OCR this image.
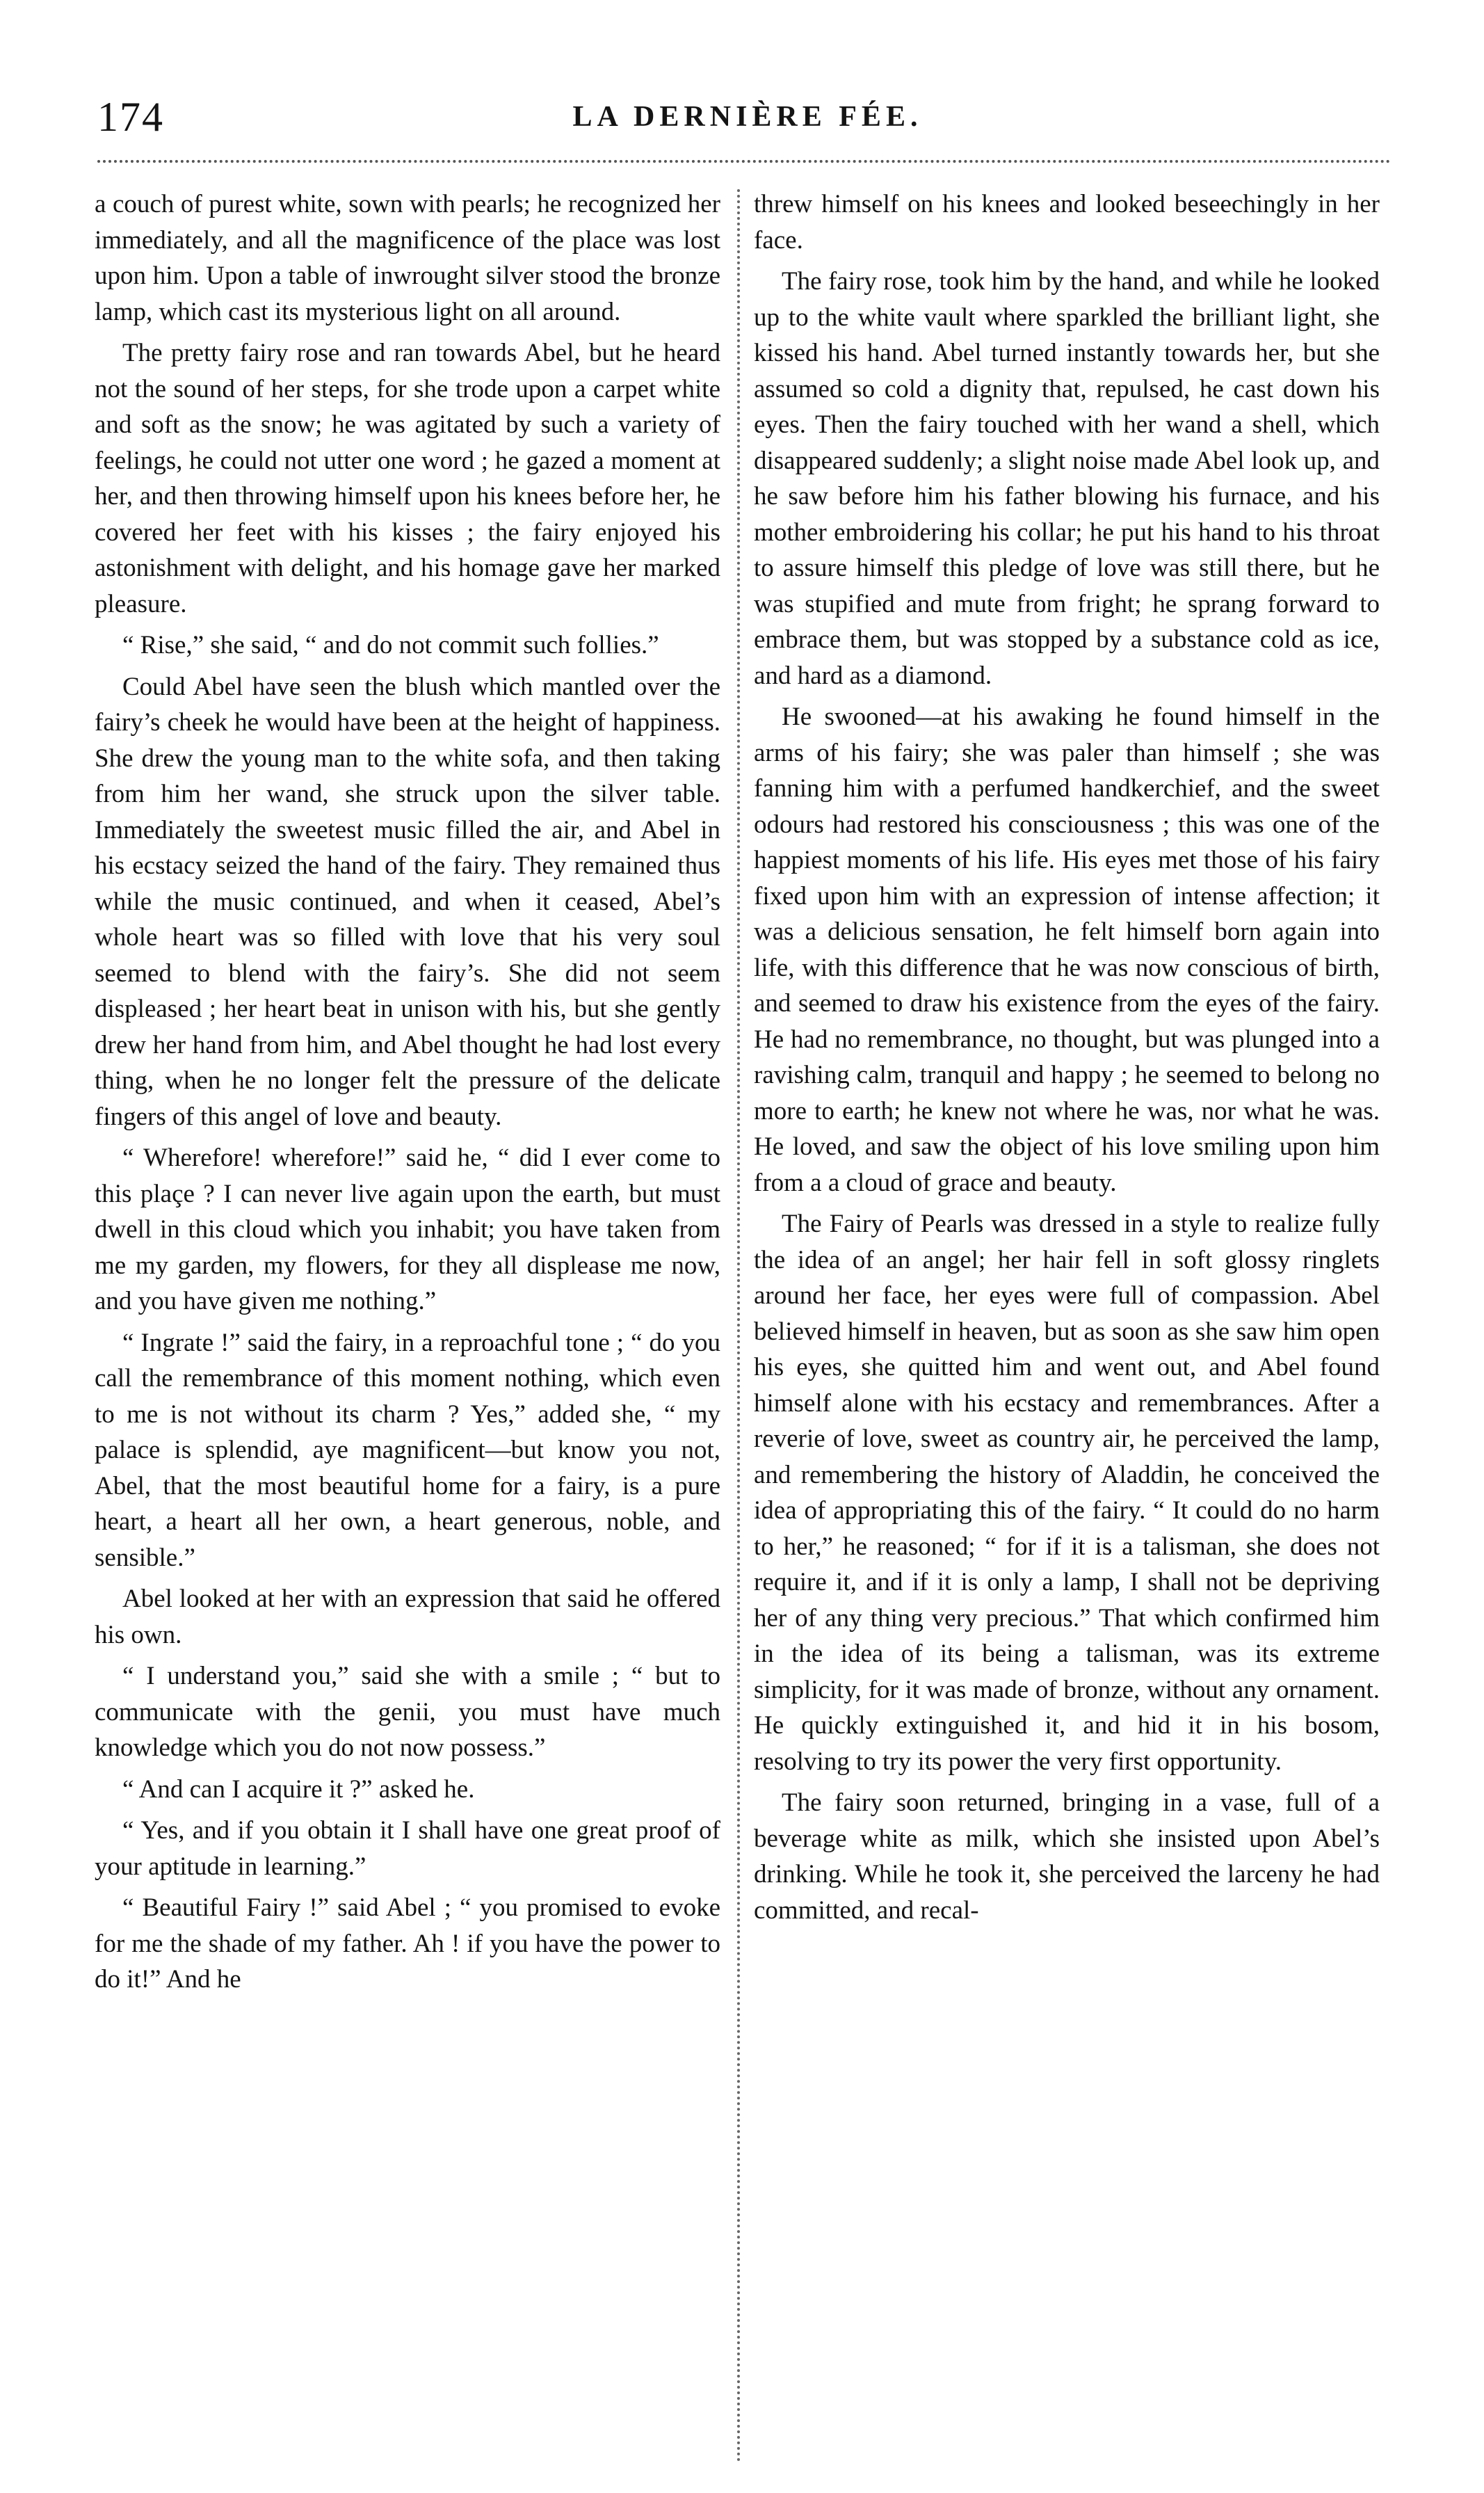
174	LA DERNIÈRE FÉE.

a couch of purest white, sown with pearls; he recognized her immediately, and all the magnificence of the place was lost upon him. Upon a table of inwrought silver stood the bronze lamp, which cast its mysterious light on all around.

The pretty fairy rose and ran towards Abel, but he heard not the sound of her steps, for she trode upon a carpet white and soft as the snow; he was agitated by such a variety of feelings, he could not utter one word ; he gazed a moment at her, and then throwing himself upon his knees before her, he covered her feet with his kisses ; the fairy enjoyed his astonishment with delight, and his homage gave her marked pleasure.

“ Rise,” she said, “ and do not commit such follies.”

Could Abel have seen the blush which mantled over the fairy’s cheek he would have been at the height of happiness. She drew the young man to the white sofa, and then taking from him her wand, she struck upon the silver table. Immediately the sweetest music filled the air, and Abel in his ecstacy seized the hand of the fairy. They remained thus while the music continued, and when it ceased, Abel’s whole heart was so filled with love that his very soul seemed to blend with the fairy’s. She did not seem displeased ; her heart beat in unison with his, but she gently drew her hand from him, and Abel thought he had lost every thing, when he no longer felt the pressure of the delicate fingers of this angel of love and beauty.

“ Wherefore! wherefore!” said he, “ did I ever come to this plaçe ? I can never live again upon the earth, but must dwell in this cloud which you inhabit; you have taken from me my garden, my flowers, for they all displease me now, and you have given me nothing.”

“ Ingrate !” said the fairy, in a reproachful tone ; “ do you call the remembrance of this moment nothing, which even to me is not without its charm ? Yes,” added she, “ my palace is splendid, aye magnificent—but know you not, Abel, that the most beautiful home for a fairy, is a pure heart, a heart all her own, a heart generous, noble, and sensible.”

Abel looked at her with an expression that said he offered his own.

“ I understand you,” said she with a smile ; “ but to communicate with the genii, you must have much knowledge which you do not now possess.”

“ And can I acquire it ?” asked he.

“ Yes, and if you obtain it I shall have one great proof of your aptitude in learning.”

“ Beautiful Fairy !” said Abel ; “ you promised to evoke for me the shade of my father. Ah ! if you have the power to do it!” And he

threw himself on his knees and looked beseechingly in her face.

The fairy rose, took him by the hand, and while he looked up to the white vault where sparkled the brilliant light, she kissed his hand. Abel turned instantly towards her, but she assumed so cold a dignity that, repulsed, he cast down his eyes. Then the fairy touched with her wand a shell, which disappeared suddenly; a slight noise made Abel look up, and he saw before him his father blowing his furnace, and his mother embroidering his collar; he put his hand to his throat to assure himself this pledge of love was still there, but he was stupified and mute from fright; he sprang forward to embrace them, but was stopped by a substance cold as ice, and hard as a diamond.

He swooned—at his awaking he found himself in the arms of his fairy; she was paler than himself ; she was fanning him with a perfumed handkerchief, and the sweet odours had restored his consciousness ; this was one of the happiest moments of his life. His eyes met those of his fairy fixed upon him with an expression of intense affection; it was a delicious sensation, he felt himself born again into life, with this difference that he was now conscious of birth, and seemed to draw his existence from the eyes of the fairy. He had no remembrance, no thought, but was plunged into a ravishing calm, tranquil and happy ; he seemed to belong no more to earth; he knew not where he was, nor what he was. He loved, and saw the object of his love smiling upon him from a a cloud of grace and beauty.

The Fairy of Pearls was dressed in a style to realize fully the idea of an angel; her hair fell in soft glossy ringlets around her face, her eyes were full of compassion. Abel believed himself in heaven, but as soon as she saw him open his eyes, she quitted him and went out, and Abel found himself alone with his ecstacy and remembrances. After a reverie of love, sweet as country air, he perceived the lamp, and remembering the history of Aladdin, he conceived the idea of appropriating this of the fairy. “ It could do no harm to her,” he reasoned; “ for if it is a talisman, she does not require it, and if it is only a lamp, I shall not be depriving her of any thing very precious.” That which confirmed him in the idea of its being a talisman, was its extreme simplicity, for it was made of bronze, without any ornament. He quickly extinguished it, and hid it in his bosom, resolving to try its power the very first opportunity.

The fairy soon returned, bringing in a vase, full of a beverage white as milk, which she insisted upon Abel’s drinking. While he took it, she perceived the larceny he had committed, and recal-
